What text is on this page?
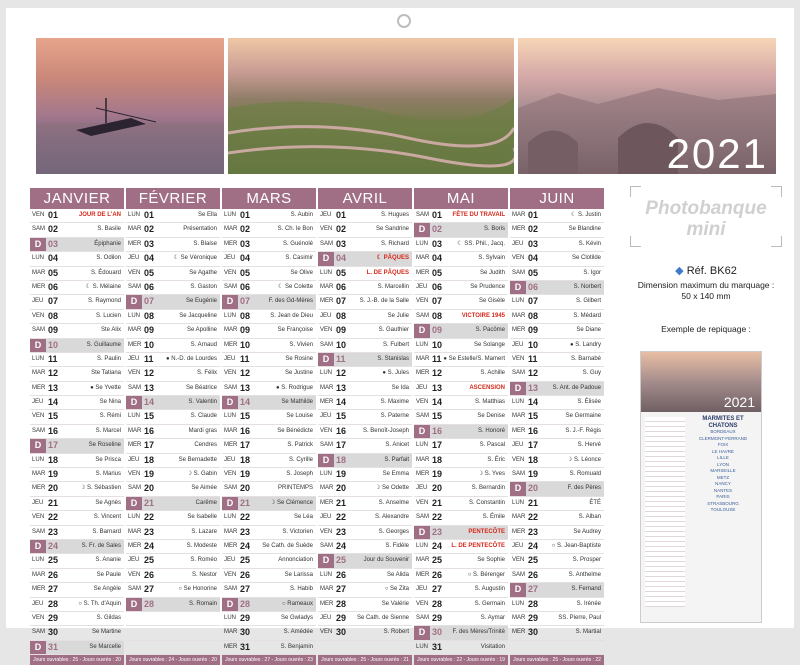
2021
JANVIER
VEN 01	JOUR DE L'AN
SAM 02	S. Basile
D 03	Épiphanie
LUN 04	S. Odilon
MAR 05	S. Édouard
MER 06	☾ S. Mélaine
JEU 07	S. Raymond
VEN 08	S. Lucien
SAM 09	Ste Alix
D 10	S. Guillaume
LUN 11	S. Paulin
MAR 12	Ste Tatiana
MER 13	● Se Yvette
JEU 14	Se Nina
VEN 15	S. Rémi
SAM 16	S. Marcel
D 17	Se Roseline
LUN 18	Se Prisca
MAR 19	S. Marius
MER 20	☽ S. Sébastien
JEU 21	Se Agnès
VEN 22	S. Vincent
SAM 23	S. Barnard
D 24	S. Fr. de Sales
LUN 25	S. Ananie
MAR 26	Se Paule
MER 27	Se Angèle
JEU 28	○ S. Th. d'Aquin
VEN 29	S. Gildas
SAM 30	Se Martine
D 31	Se Marcelle
Jours ouvrables : 25 - Jours ouvrés : 20
FÉVRIER
LUN 01	Se Ella
MAR 02	Présentation
MER 03	S. Blaise
JEU 04	☾ Se Véronique
VEN 05	Se Agathe
SAM 06	S. Gaston
D 07	Se Eugénie
LUN 08	Se Jacqueline
MAR 09	Se Apolline
MER 10	S. Arnaud
JEU 11 ● N.-D. de Lourdes
VEN 12	S. Félix
SAM 13	Se Béatrice
D 14	S. Valentin
LUN 15	S. Claude
MAR 16	Mardi gras
MER 17	Cendres
JEU 18	Se Bernadette
VEN 19	☽ S. Gabin
SAM 20	Se Aimée
D 21	Carême
LUN 22	Se Isabelle
MAR 23	S. Lazare
MER 24	S. Modeste
JEU 25	S. Roméo
VEN 26	S. Nestor
SAM 27	○ Se Honorine
D 28	S. Romain
Jours ouvrables : 24 - Jours ouvrés : 20
MARS
LUN 01	S. Aubin
MAR 02	S. Ch. le Bon
MER 03	S. Guénolé
JEU 04	S. Casimir
VEN 05	Se Olive
SAM 06	☾ Se Colette
D 07	F. des Gd-Mères
LUN 08	S. Jean de Dieu
MAR 09	Se Françoise
MER 10	S. Vivien
JEU 11	Se Rosine
VEN 12	Se Justine
SAM 13	● S. Rodrigue
D 14	Se Mathilde
LUN 15	Se Louise
MAR 16	Se Bénédicte
MER 17	S. Patrick
JEU 18	S. Cyrille
VEN 19	S. Joseph
SAM 20	PRINTEMPS
D 21	☽ Se Clémence
LUN 22	Se Léa
MAR 23	S. Victorien
MER 24 Se Cath. de Suède
JEU 25	Annonciation
VEN 26	Se Larissa
SAM 27	S. Habib
D 28	○ Rameaux
LUN 29	Se Gwladys
MAR 30	S. Amédée
MER 31	S. Benjamin
Jours ouvrables : 27 - Jours ouvrés : 23
AVRIL
JEU 01	S. Hugues
VEN 02	Se Sandrine
SAM 03	S. Richard
D 04	☾ PÂQUES
LUN 05	L. DE PÂQUES
MAR 06	S. Marcellin
MER 07 S. J.-B. de la Salle
JEU 08	Se Julie
VEN 09	S. Gauthier
SAM 10	S. Fulbert
D 11	S. Stanislas
LUN 12	● S. Jules
MAR 13	Se Ida
MER 14	S. Maxime
JEU 15	S. Paterne
VEN 16	S. Benoît-Joseph
SAM 17	S. Anicet
D 18	S. Parfait
LUN 19	Se Emma
MAR 20	☽ Se Odette
MER 21	S. Anselme
JEU 22	S. Alexandre
VEN 23	S. Georges
SAM 24	S. Fidèle
D 25	Jour du Souvenir
LUN 26	Se Alida
MAR 27	○ Se Zita
MER 28	Se Valérie
JEU 29 Se Cath. de Sienne
VEN 30	S. Robert
Jours ouvrables : 25 - Jours ouvrés : 21
MAI
SAM 01 FÊTE DU TRAVAIL
D 02	S. Boris
LUN 03	☾ SS. Phil., Jacq.
MAR 04	S. Sylvain
MER 05	Se Judith
JEU 06	Se Prudence
VEN 07	Se Gisèle
SAM 08	VICTOIRE 1945
D 09	S. Pacôme
LUN 10	Se Solange
MAR 11 ● Se Estelle/S. Mamert
MER 12	S. Achille
JEU 13	ASCENSION
VEN 14	S. Matthias
SAM 15	Se Denise
D 16	S. Honoré
LUN 17	S. Pascal
MAR 18	S. Éric
MER 19	☽ S. Yves
JEU 20	S. Bernardin
VEN 21	S. Constantin
SAM 22	S. Émile
D 23	PENTECÔTE
LUN 24 L. DE PENTECÔTE
MAR 25	Se Sophie
MER 26	○ S. Bérenger
JEU 27	S. Augustin
VEN 28	S. Germain
SAM 29	S. Aymar
D 30 F. des Mères/Trinité
LUN 31	Visitation
Jours ouvrables : 22 - Jours ouvrés : 19
JUIN
MAR 01	☾ S. Justin
MER 02	Se Blandine
JEU 03	S. Kévin
VEN 04	Se Clotilde
SAM 05	S. Igor
D 06	S. Norbert
LUN 07	S. Gilbert
MAR 08	S. Médard
MER 09	Se Diane
JEU 10	● S. Landry
VEN 11	S. Barnabé
SAM 12	S. Guy
D 13 S. Ant. de Padoue
LUN 14	S. Élisée
MAR 15	Se Germaine
MER 16	S. J.-F. Régis
JEU 17	S. Hervé
VEN 18	☽ S. Léonce
SAM 19	S. Romuald
D 20	F. des Pères
LUN 21	ÉTÉ
MAR 22	S. Alban
MER 23	Se Audrey
JEU 24 ○ S. Jean-Baptiste
VEN 25	S. Prosper
SAM 26	S. Anthelme
D 27	S. Fernand
LUN 28	S. Irénée
MAR 29	SS. Pierre, Paul
MER 30	S. Martial
Jours ouvrables : 25 - Jours ouvrés : 22
Photobanque
mini
◆ Réf. BK62
Dimension maximum du marquage :
50 x 140 mm
Exemple de repiquage :
2021
MARMITES ET CHATONS
BORDEAUX
CLERMONT-FERRAND
FOIX
LE HAVRE
LILLE
LYON
MARSEILLE
METZ
NANCY
NANTES
PARIS
STRASBOURG
TOULOUSE
